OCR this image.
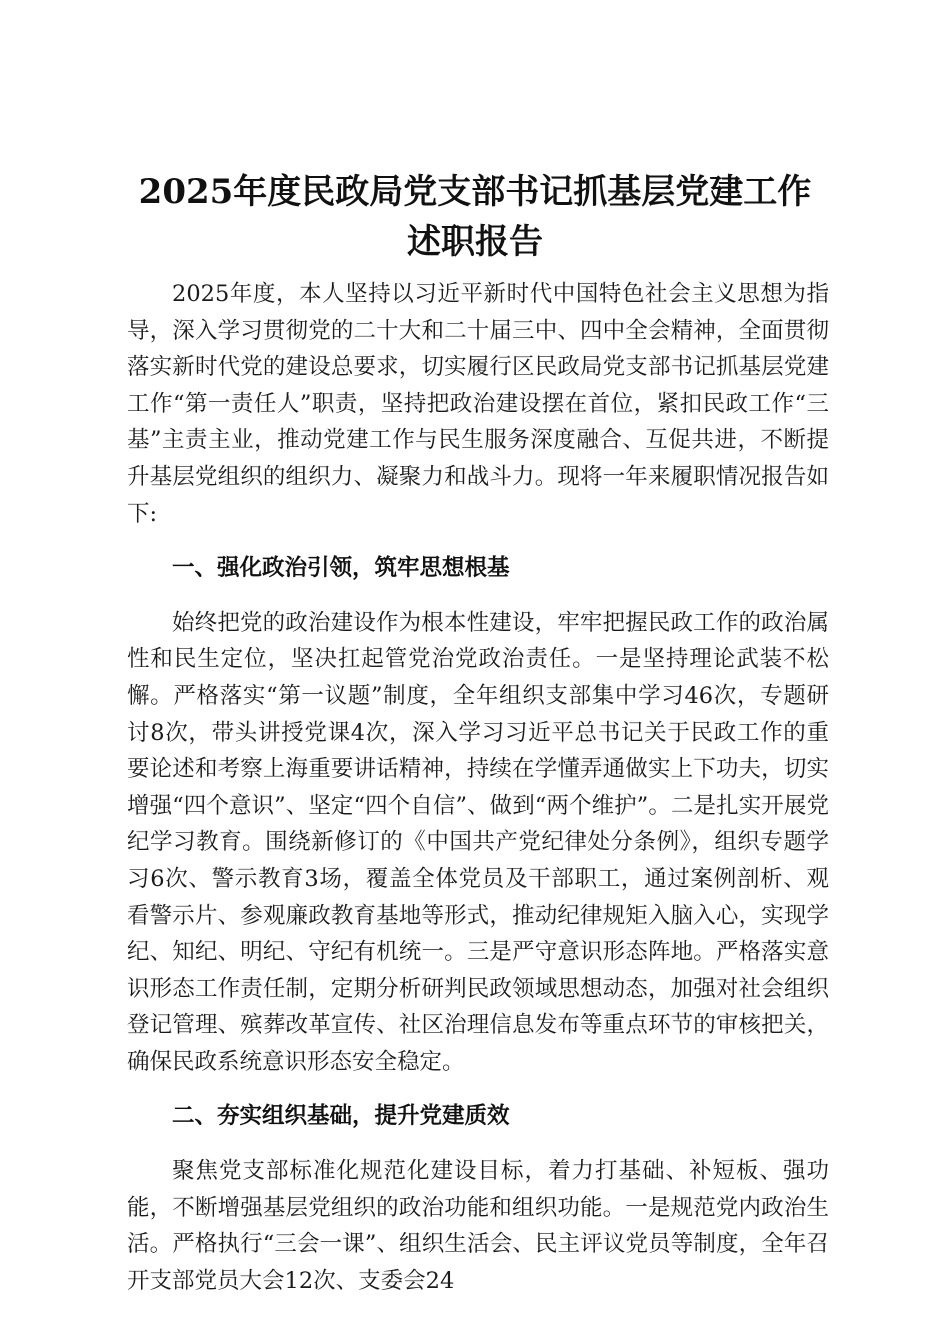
2025年度民政局党支部书记抓基层党建工作
述职报告

2025年度，本人坚持以习近平新时代中国特色社会主义思想为指导，深入学习贯彻党的二十大和二十届三中、四中全会精神，全面贯彻落实新时代党的建设总要求，切实履行区民政局党支部书记抓基层党建工作“第一责任人”职责，坚持把政治建设摆在首位，紧扣民政工作“三基”主责主业，推动党建工作与民生服务深度融合、互促共进，不断提升基层党组织的组织力、凝聚力和战斗力。现将一年来履职情况报告如下:

一、强化政治引领，筑牢思想根基

始终把党的政治建设作为根本性建设，牢牢把握民政工作的政治属性和民生定位，坚决扛起管党治党政治责任。一是坚持理论武装不松懈。严格落实“第一议题”制度，全年组织支部集中学习46次，专题研讨8次，带头讲授党课4次，深入学习习近平总书记关于民政工作的重要论述和考察上海重要讲话精神，持续在学懂弄通做实上下功夫，切实增强“四个意识”、坚定“四个自信”、做到“两个维护”。二是扎实开展党纪学习教育。围绕新修订的《中国共产党纪律处分条例》，组织专题学习6次、警示教育3场，覆盖全体党员及干部职工，通过案例剖析、观看警示片、参观廉政教育基地等形式，推动纪律规矩入脑入心，实现学纪、知纪、明纪、守纪有机统一。三是严守意识形态阵地。严格落实意识形态工作责任制，定期分析研判民政领域思想动态，加强对社会组织登记管理、殡葬改革宣传、社区治理信息发布等重点环节的审核把关，确保民政系统意识形态安全稳定。

二、夯实组织基础，提升党建质效

聚焦党支部标准化规范化建设目标，着力打基础、补短板、强功能，不断增强基层党组织的政治功能和组织功能。一是规范党内政治生活。严格执行“三会一课”、组织生活会、民主评议党员等制度，全年召开支部党员大会12次、支委会24
